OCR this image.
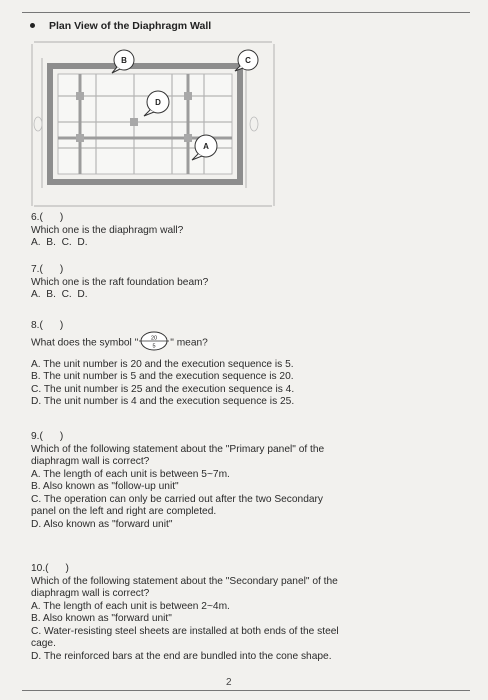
Plan View of the Diaphragm Wall
B	C
D
A
6.(      )
Which one is the diaphragm wall?
A.  B.  C.  D.
7.(      )
Which one is the raft foundation beam?
A.  B.  C.  D.
8.(      )
What does the symbol " 20
5 " mean?
A. The unit number is 20 and the execution sequence is 5.
B. The unit number is 5 and the execution sequence is 20.
C. The unit number is 25 and the execution sequence is 4.
D. The unit number is 4 and the execution sequence is 25.
9.(      )
Which of the following statement about the "Primary panel" of the
diaphragm wall is correct?
A. The length of each unit is between 5~7m.
B. Also known as "follow-up unit"
C. The operation can only be carried out after the two Secondary
panel on the left and right are completed.
D. Also known as "forward unit"
10.(      )
Which of the following statement about the "Secondary panel" of the
diaphragm wall is correct?
A. The length of each unit is between 2~4m.
B. Also known as "forward unit"
C. Water-resisting steel sheets are installed at both ends of the steel
cage.
D. The reinforced bars at the end are bundled into the cone shape.
2
